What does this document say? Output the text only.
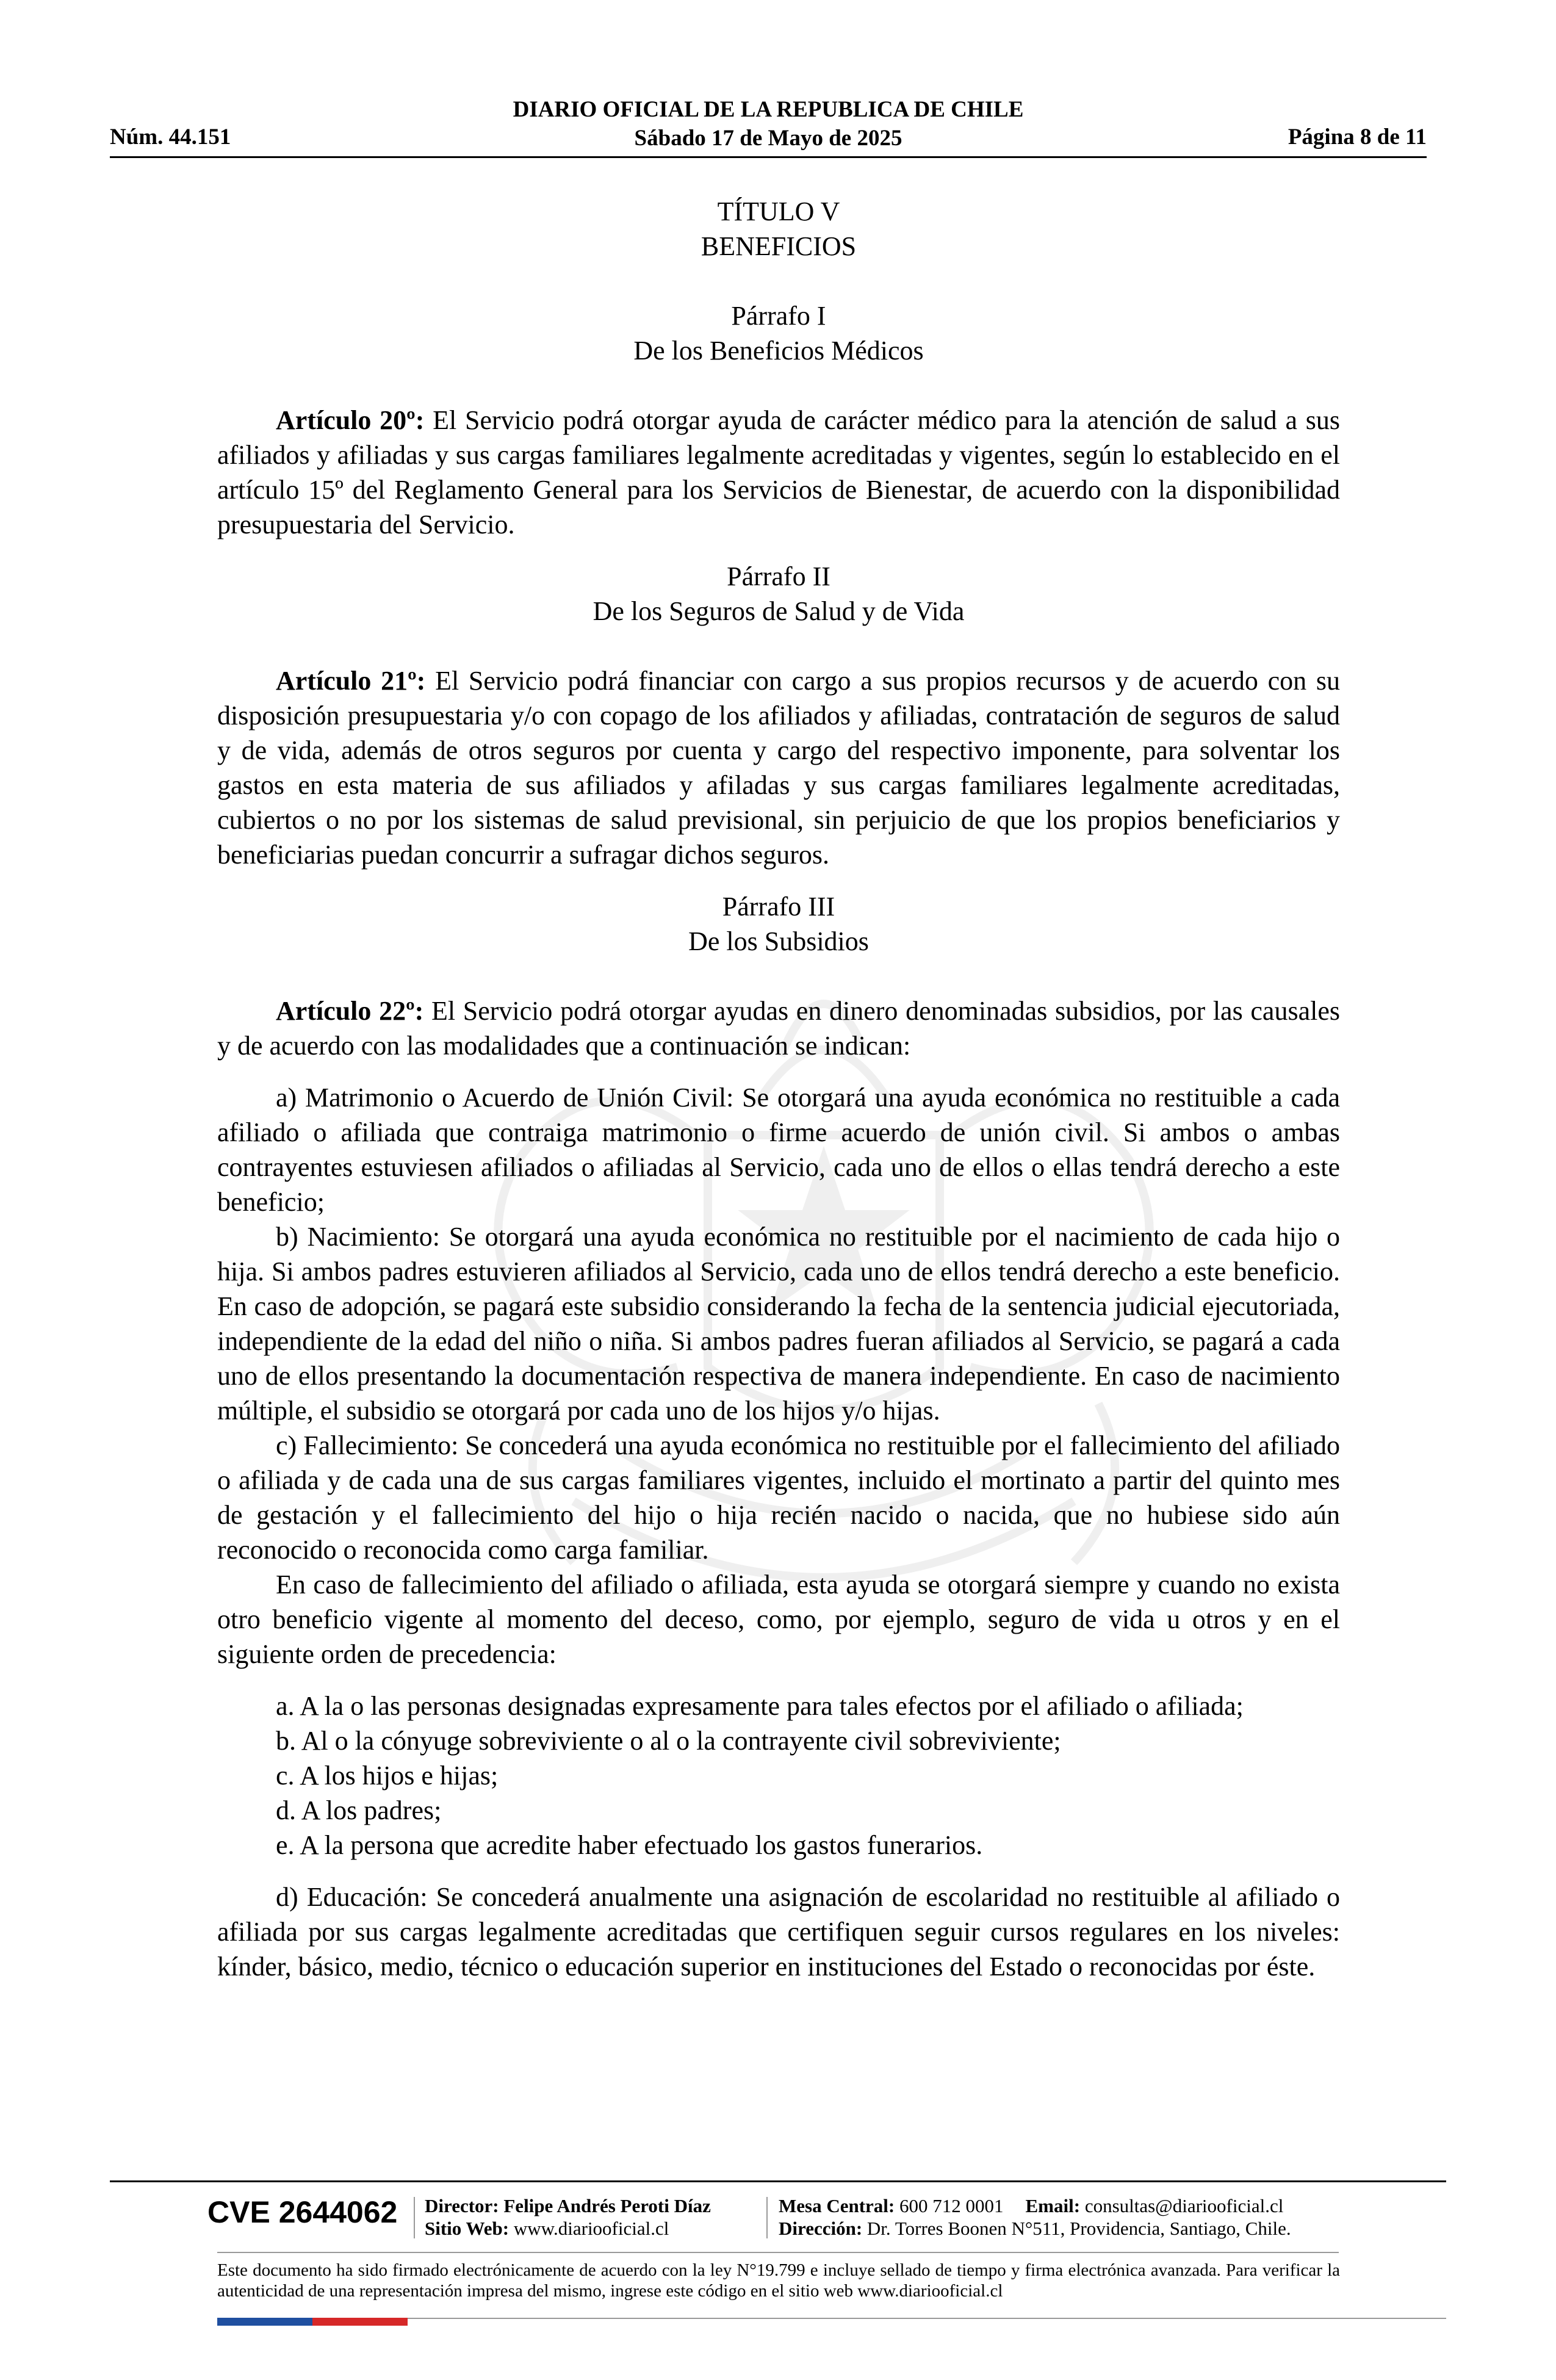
DIARIO OFICIAL DE LA REPUBLICA DE CHILE
Sábado 17 de Mayo de 2025
Núm. 44.151	Página 8 de 11
TÍTULO V
BENEFICIOS
Párrafo I
De los Beneficios Médicos

Artículo 20º: El Servicio podrá otorgar ayuda de carácter médico para la atención de salud a sus afiliados y afiliadas y sus cargas familiares legalmente acreditadas y vigentes, según lo establecido en el artículo 15º del Reglamento General para los Servicios de Bienestar, de acuerdo con la disponibilidad presupuestaria del Servicio.

Párrafo II
De los Seguros de Salud y de Vida

Artículo 21º: El Servicio podrá financiar con cargo a sus propios recursos y de acuerdo con su disposición presupuestaria y/o con copago de los afiliados y afiliadas, contratación de seguros de salud y de vida, además de otros seguros por cuenta y cargo del respectivo imponente, para solventar los gastos en esta materia de sus afiliados y afiladas y sus cargas familiares legalmente acreditadas, cubiertos o no por los sistemas de salud previsional, sin perjuicio de que los propios beneficiarios y beneficiarias puedan concurrir a sufragar dichos seguros.

Párrafo III
De los Subsidios

Artículo 22º: El Servicio podrá otorgar ayudas en dinero denominadas subsidios, por las causales y de acuerdo con las modalidades que a continuación se indican:

a) Matrimonio o Acuerdo de Unión Civil: Se otorgará una ayuda económica no restituible a cada afiliado o afiliada que contraiga matrimonio o firme acuerdo de unión civil. Si ambos o ambas contrayentes estuviesen afiliados o afiliadas al Servicio, cada uno de ellos o ellas tendrá derecho a este beneficio;

b) Nacimiento: Se otorgará una ayuda económica no restituible por el nacimiento de cada hijo o hija. Si ambos padres estuvieren afiliados al Servicio, cada uno de ellos tendrá derecho a este beneficio. En caso de adopción, se pagará este subsidio considerando la fecha de la sentencia judicial ejecutoriada, independiente de la edad del niño o niña. Si ambos padres fueran afiliados al Servicio, se pagará a cada uno de ellos presentando la documentación respectiva de manera independiente. En caso de nacimiento múltiple, el subsidio se otorgará por cada uno de los hijos y/o hijas.

c) Fallecimiento: Se concederá una ayuda económica no restituible por el fallecimiento del afiliado o afiliada y de cada una de sus cargas familiares vigentes, incluido el mortinato a partir del quinto mes de gestación y el fallecimiento del hijo o hija recién nacido o nacida, que no hubiese sido aún reconocido o reconocida como carga familiar.

En caso de fallecimiento del afiliado o afiliada, esta ayuda se otorgará siempre y cuando no exista otro beneficio vigente al momento del deceso, como, por ejemplo, seguro de vida u otros y en el siguiente orden de precedencia:

a. A la o las personas designadas expresamente para tales efectos por el afiliado o afiliada;
b. Al o la cónyuge sobreviviente o al o la contrayente civil sobreviviente;
c. A los hijos e hijas;
d. A los padres;
e. A la persona que acredite haber efectuado los gastos funerarios.

d) Educación: Se concederá anualmente una asignación de escolaridad no restituible al afiliado o afiliada por sus cargas legalmente acreditadas que certifiquen seguir cursos regulares en los niveles: kínder, básico, medio, técnico o educación superior en instituciones del Estado o reconocidas por éste.

CVE 2644062 Director: Felipe Andrés Peroti Díaz
Sitio Web: www.diariooficial.cl
Mesa Central: 600 712 0001 Email: consultas@diariooficial.cl
Dirección: Dr. Torres Boonen N°511, Providencia, Santiago, Chile.
Este documento ha sido firmado electrónicamente de acuerdo con la ley N°19.799 e incluye sellado de tiempo y firma electrónica avanzada. Para verificar la autenticidad de una representación impresa del mismo, ingrese este código en el sitio web www.diariooficial.cl
